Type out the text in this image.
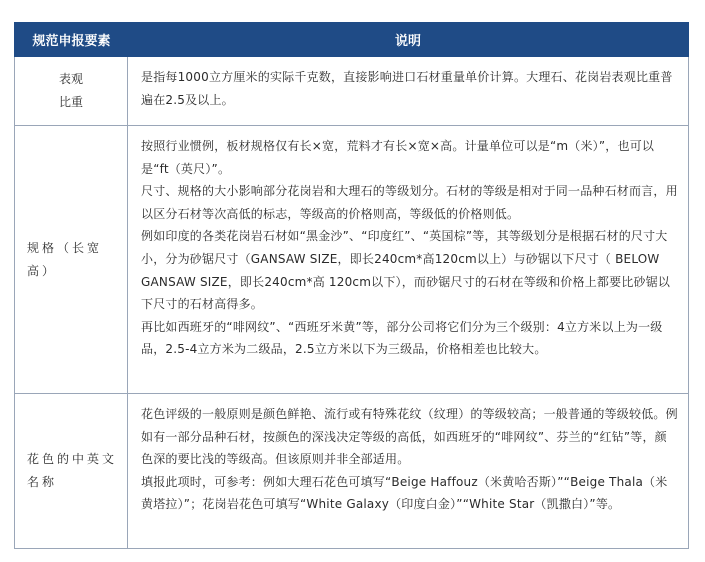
规范申报要素	说明
表观
比重

是指每1000立方厘米的实际千克数，直接影响进口石材重量单价计算。大理石、花岗岩表观比重普遍在2.5及以上。

规格（长宽高）

按照行业惯例，板材规格仅有长×宽，荒料才有长×宽×高。计量单位可以是“m（米）”，也可以是“ft（英尺）”。

尺寸、规格的大小影响部分花岗岩和大理石的等级划分。石材的等级是相对于同一品种石材而言，用以区分石材等次高低的标志，等级高的价格则高，等级低的价格则低。

例如印度的各类花岗岩石材如“黑金沙”、“印度红”、“英国棕”等，其等级划分是根据石材的尺寸大小，分为砂锯尺寸（GANSAW SIZE，即长240cm*高120cm以上）与砂锯以下尺寸（ BELOW GANSAW SIZE，即长240cm*高 120cm以下），而砂锯尺寸的石材在等级和价格上都要比砂锯以下尺寸的石材高得多。

再比如西班牙的“啡网纹”、“西班牙米黄”等，部分公司将它们分为三个级别：4立方米以上为一级品，2.5-4立方米为二级品，2.5立方米以下为三级品，价格相差也比较大。

花色的中英文名称

花色评级的一般原则是颜色鲜艳、流行或有特殊花纹（纹理）的等级较高；一般普通的等级较低。例如有一部分品种石材，按颜色的深浅决定等级的高低，如西班牙的“啡网纹”、芬兰的“红钻”等，颜色深的要比浅的等级高。但该原则并非全部适用。

填报此项时，可参考：例如大理石花色可填写“Beige Haffouz（米黄哈否斯）”“Beige Thala（米黄塔拉）”；花岗岩花色可填写“White Galaxy（印度白金）”“White Star（凯撒白）”等。
